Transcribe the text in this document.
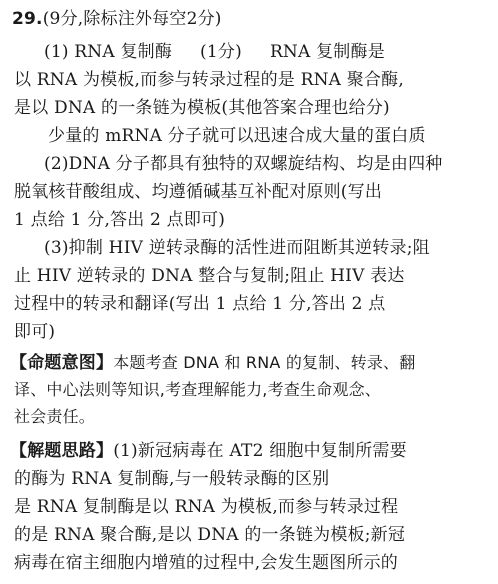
29.(9分,除标注外每空2分)
(1) RNA 复制酶 (1分) RNA 复制酶是
以 RNA 为模板,而参与转录过程的是 RNA 聚合酶,
是以 DNA 的一条链为模板(其他答案合理也给分)
少量的 mRNA 分子就可以迅速合成大量的蛋白质
(2)DNA 分子都具有独特的双螺旋结构、均是由四种
脱氧核苷酸组成、均遵循碱基互补配对原则(写出
1 点给 1 分,答出 2 点即可)
(3)抑制 HIV 逆转录酶的活性进而阻断其逆转录;阻
止 HIV 逆转录的 DNA 整合与复制;阻止 HIV 表达
过程中的转录和翻译(写出 1 点给 1 分,答出 2 点
即可)
【命题意图】本题考查 DNA 和 RNA 的复制、转录、翻
译、中心法则等知识,考查理解能力,考查生命观念、
社会责任。
【解题思路】(1)新冠病毒在 AT2 细胞中复制所需要
的酶为 RNA 复制酶,与一般转录酶的区别
是 RNA 复制酶是以 RNA 为模板,而参与转录过程
的是 RNA 聚合酶,是以 DNA 的一条链为模板;新冠
病毒在宿主细胞内增殖的过程中,会发生题图所示的
